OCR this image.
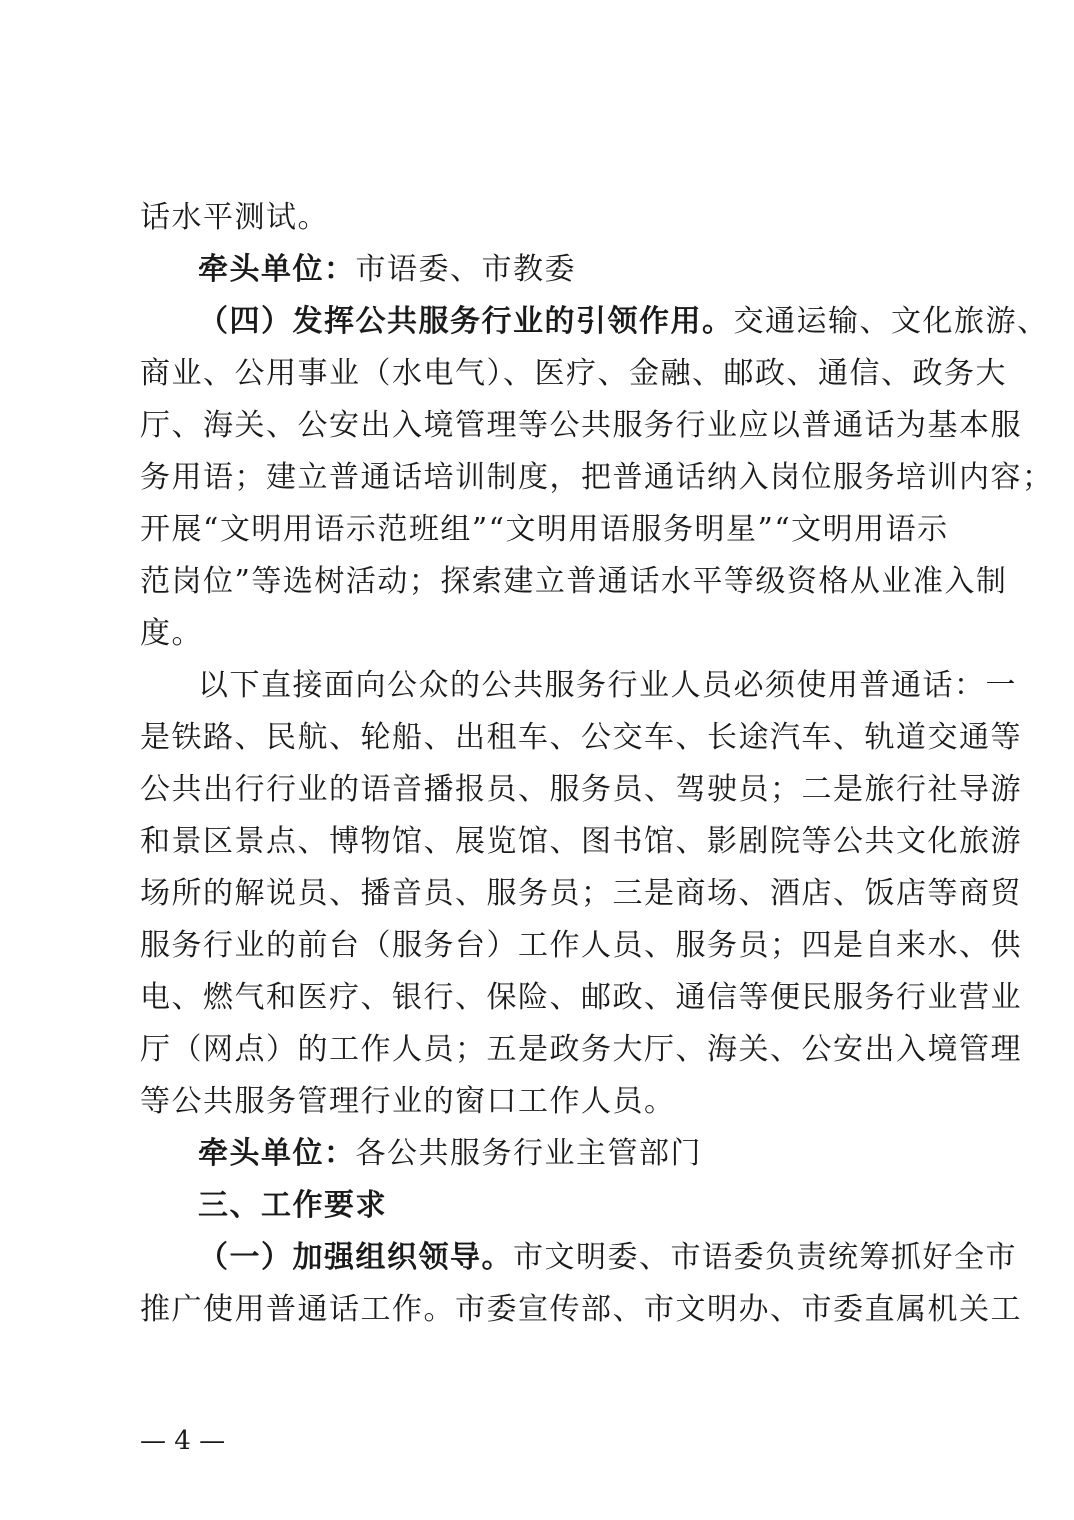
话水平测试。
牵头单位：市语委、市教委
（四）发挥公共服务行业的引领作用。交通运输、文化旅游、
商业、公用事业（水电气）、医疗、金融、邮政、通信、政务大
厅、海关、公安出入境管理等公共服务行业应以普通话为基本服
务用语；建立普通话培训制度，把普通话纳入岗位服务培训内容；
开展“文明用语示范班组”“文明用语服务明星”“文明用语示
范岗位”等选树活动；探索建立普通话水平等级资格从业准入制
度。
以下直接面向公众的公共服务行业人员必须使用普通话：一
是铁路、民航、轮船、出租车、公交车、长途汽车、轨道交通等
公共出行行业的语音播报员、服务员、驾驶员；二是旅行社导游
和景区景点、博物馆、展览馆、图书馆、影剧院等公共文化旅游
场所的解说员、播音员、服务员；三是商场、酒店、饭店等商贸
服务行业的前台（服务台）工作人员、服务员；四是自来水、供
电、燃气和医疗、银行、保险、邮政、通信等便民服务行业营业
厅（网点）的工作人员；五是政务大厅、海关、公安出入境管理
等公共服务管理行业的窗口工作人员。
牵头单位：各公共服务行业主管部门
三、工作要求
（一）加强组织领导。市文明委、市语委负责统筹抓好全市
推广使用普通话工作。市委宣传部、市文明办、市委直属机关工
— 4 —
